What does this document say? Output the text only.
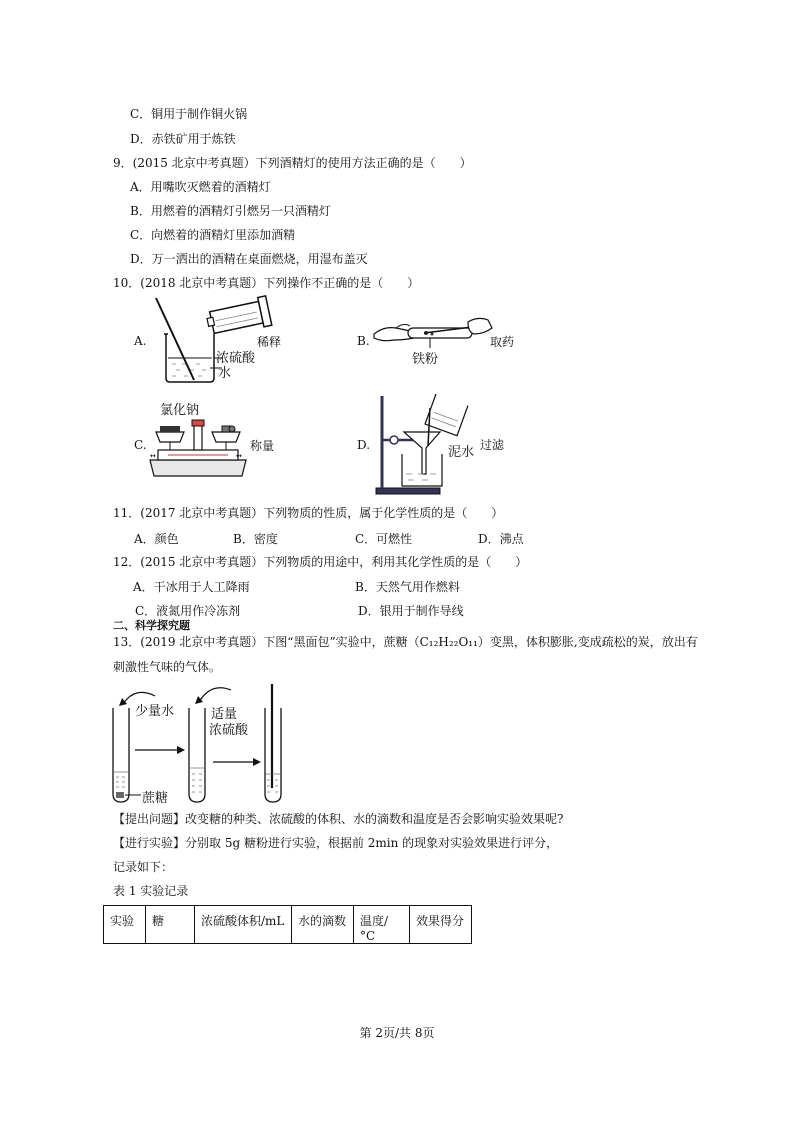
C．铜用于制作铜火锅
D．赤铁矿用于炼铁
9．(2015 北京中考真题）下列酒精灯的使用方法正确的是（　　）
A．用嘴吹灭燃着的酒精灯
B．用燃着的酒精灯引燃另一只酒精灯
C．向燃着的酒精灯里添加酒精
D．万一洒出的酒精在桌面燃烧，用湿布盖灭
10．(2018 北京中考真题）下列操作不正确的是（　　）
A.	稀释
浓硫酸
水
B.
铁粉
取药
C.
氯化钠
↔	↔
称量	D.	过滤
泥水
11．(2017 北京中考真题）下列物质的性质，属于化学性质的是（　　）
A．颜色	B．密度	C．可燃性	D．沸点
12．(2015 北京中考真题）下列物质的用途中，利用其化学性质的是（　　）
A．干冰用于人工降雨	B．天然气用作燃料
C．液氮用作冷冻剂	D．银用于制作导线
二、科学探究题
13．(2019 北京中考真题）下图“黑面包”实验中，蔗糖（C₁₂H₂₂O₁₁）变黑，体积膨胀,变成疏松的炭，放出有
刺激性气味的气体。
少量水	适量
浓硫酸
蔗糖
【提出问题】改变糖的种类、浓硫酸的体积、水的滴数和温度是否会影响实验效果呢?
【进行实验】分别取 5g 糖粉进行实验，根据前 2min 的现象对实验效果进行评分，
记录如下：
表 1 实验记录
实验	糖	浓硫酸体积/mL	水的滴数	温度/°C	效果得分
第 2页/共 8页
